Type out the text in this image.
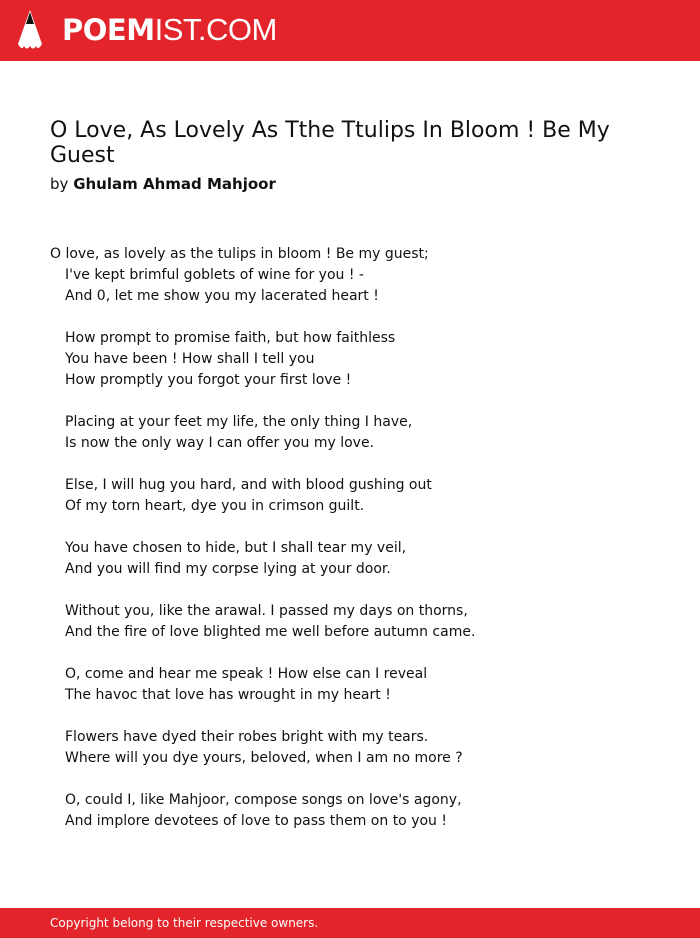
POEMIST.COM
O Love, As Lovely As Tthe Ttulips In Bloom ! Be My Guest
by Ghulam Ahmad Mahjoor
O love, as lovely as the tulips in bloom ! Be my guest;
I've kept brimful goblets of wine for you ! -
And 0, let me show you my lacerated heart !
How prompt to promise faith, but how faithless
You have been ! How shall I tell you
How promptly you forgot your first love !
Placing at your feet my life, the only thing I have,
Is now the only way I can offer you my love.
Else, I will hug you hard, and with blood gushing out
Of my torn heart, dye you in crimson guilt.
You have chosen to hide, but I shall tear my veil,
And you will find my corpse lying at your door.
Without you, like the arawal. I passed my days on thorns,
And the fire of love blighted me well before autumn came.
O, come and hear me speak ! How else can I reveal
The havoc that love has wrought in my heart !
Flowers have dyed their robes bright with my tears.
Where will you dye yours, beloved, when I am no more ?
O, could I, like Mahjoor, compose songs on love's agony,
And implore devotees of love to pass them on to you !
Copyright belong to their respective owners.
